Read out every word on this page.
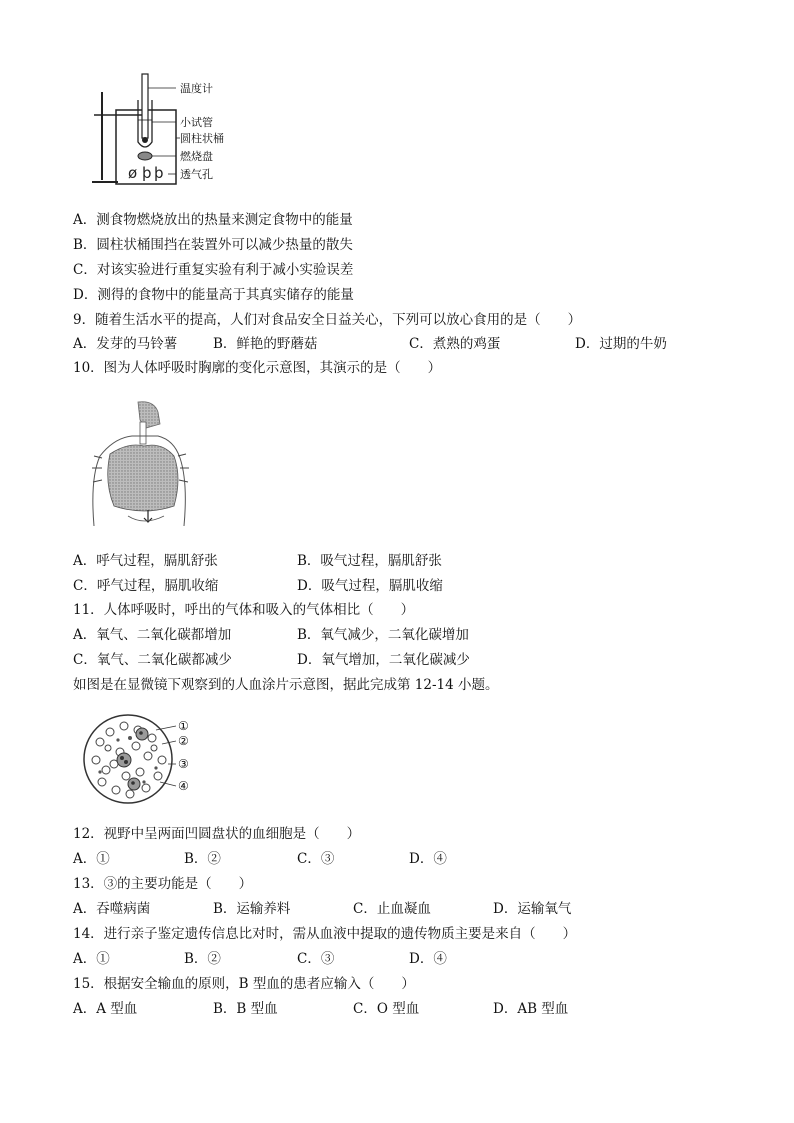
ø þ þ
温度计
小试管
圆柱状桶
燃烧盘
透气孔
A．测食物燃烧放出的热量来测定食物中的能量
B．圆柱状桶围挡在装置外可以减少热量的散失
C．对该实验进行重复实验有利于减小实验误差
D．测得的食物中的能量高于其真实储存的能量
9．随着生活水平的提高，人们对食品安全日益关心，下列可以放心食用的是（　　）
A．发芽的马铃薯	B．鲜艳的野蘑菇	C．煮熟的鸡蛋	D．过期的牛奶
10．图为人体呼吸时胸廓的变化示意图，其演示的是（　　）
A．呼气过程，膈肌舒张	B．吸气过程，膈肌舒张
C．呼气过程，膈肌收缩	D．吸气过程，膈肌收缩
11．人体呼吸时，呼出的气体和吸入的气体相比（　　）
A．氧气、二氧化碳都增加	B．氧气减少，二氧化碳增加
C．氧气、二氧化碳都减少	D．氧气增加，二氧化碳减少
如图是在显微镜下观察到的人血涂片示意图，据此完成第 12-14 小题。
①
②
③
④
12．视野中呈两面凹圆盘状的血细胞是（　　）
A．①	B．②	C．③	D．④
13．③的主要功能是（　　）
A．吞噬病菌	B．运输养料	C．止血凝血	D．运输氧气
14．进行亲子鉴定遗传信息比对时，需从血液中提取的遗传物质主要是来自（　　）
A．①	B．②	C．③	D．④
15．根据安全输血的原则，B 型血的患者应输入（　　）
A．A 型血	B．B 型血	C．O 型血	D．AB 型血
